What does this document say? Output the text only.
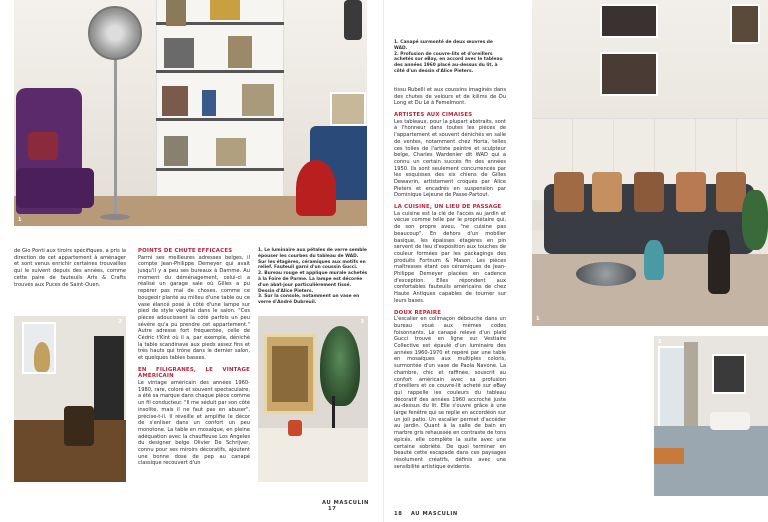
1

de Gio Ponti aux tiroirs spécifiques, a pris la direction de cet appartement à aménager et sont venus enrichir certaines trouvailles qui le suivent depuis des années, comme cette paire de fauteuils Arts & Crafts trouvés aux Puces de Saint-Ouen.

POINTS DE CHUTE EFFICACES

Parmi ses meilleures adresses belges, il compte Jean-Philippe Demeyer qui avait jusqu'il y a peu ses bureaux à Damme. Au moment du déménagement, celui-ci a réalisé un garage sale où Gilles a pu repérer pas mal de choses, comme ce bougeoir planté au milieu d'une table ou ce vase élancé posé à côté d'une lampe sur pied de style végétal dans le salon. "Ces pièces adoucissent la côté parfois un peu sévère qu'a pu prendre cet appartement." Autre adresse fort fréquentée, celle de Cédric t'Kint où il a, par exemple, déniché la table scandinave aux pieds assez fins et très hauts qui trône dans le dernier salon, et quelques tables basses.

EN FILIGRANES, LE VINTAGE AMÉRICAIN

Le vintage américain des années 1960-1980, rare, coloré et souvent spectaculaire, a été sa marque dans chaque pièce comme un fil conducteur. "Il me séduit par son côté insolite, mais il ne faut pas en abuser", précise-t-il. Il réveille et amplifie le décor de s'enliser dans un confort un peu monotone. La table en mosaïque, en pleine adéquation avec la chauffeuse Los Angeles du designer belge Olivier De Schrijver, connu pour ses miroirs décoratifs, ajoutent une bonne dose de pep au canapé classique recouvert d'un

1. Le luminaire aux pétales de verre semble épouser les courbes du tableau de WAD. Sur les étagères, céramiques aux motifs en relief. Fauteuil garni d'un coussin Gucci.
2. Bureau rouge et applique murale achetés à la Foire de Parme. La lampe est décorée d'un abat-jour particulièrement tissé. Dessin d'Alice Pieters.
3. Sur la console, notamment un vase en verre d'André Dubreuil.
2	3
AU MASCULIN 17
1. Canapé surmonté de deux œuvres de WAD.
2. Profusion de couvre-lits et d'oreillers achetés sur eBay, en accord avec le tableau des années 1960 placé au-dessus du lit, à côté d'un dessin d'Alice Pieters.

tissu Rubelli et aux coussins imaginés dans des chutes de velours et de kilims de Du Long et Du Lé à Femelmont.

ARTISTES AUX CIMAISES

Les tableaux, pour la plupart abstraits, sont à l'honneur dans toutes les pièces de l'appartement et souvent dénichés en salle de ventes, notamment chez Horta, telles ces toiles de l'artiste peintre et sculpteur belge, Charles Wardenier dit WAD qui a connu un certain succès fin des années 1950. Ils sont seulement concurrencés par les esquisses des six chiens de Gilles Dewavrin, artistement croqués par Alice Pieters et encadrés en suspension par Dominique Lejeune de Passe-Partout.

LA CUISINE, UN LIEU DE PASSAGE

La cuisine est la clé de l'accès au jardin et vécue comme telle par le propriétaire qui, de son propre aveu, "ne cuisine pas beaucoup". En dehors d'un mobilier basique, les épaisses étagères en pin servent de lieu d'exposition aux touches de couleur formées par les packagings des produits Fortnum & Mason. Les pièces maîtresses étant ces céramiques de Jean-Philippe Demeyer placées en cadence d'exception. Elles répondent aux confortables fauteuils américains de chez Haute Antiques capables de tourner sur leurs bases.

DOUX REPAIRE

L'escalier en colimaçon débouche dans un bureau voué aux mêmes codes foisonnants. Le canapé relevé d'un plaid Gucci trouvé en ligne sur Vestiaire Collective est épaulé d'un luminaire des années 1960-1970 et repéré par une table en mosaïques aux multiples coloris, surmontée d'un vase de Paola Navone. La chambre, chic et raffinée, souscrit au confort américain avec sa profusion d'oreillers et ce couvre-lit acheté sur eBay qui rappelle les couleurs du tableau décoratif des années 1960 accroché juste au-dessus du lit. Elle s'ouvre grâce à une large fenêtre qui se replie en accordéon sur un joli patio. Un escalier permet d'accéder au jardin. Quant à la salle de bain en marbre gris rehaussée en contraste de tons épicés, elle complète la suite avec une certaine sobriété. De quoi terminer en beauté cette escapade dans ces paysages résolument créatifs, définis avec une sensibilité artistique évidente.

1
2
18 AU MASCULIN
